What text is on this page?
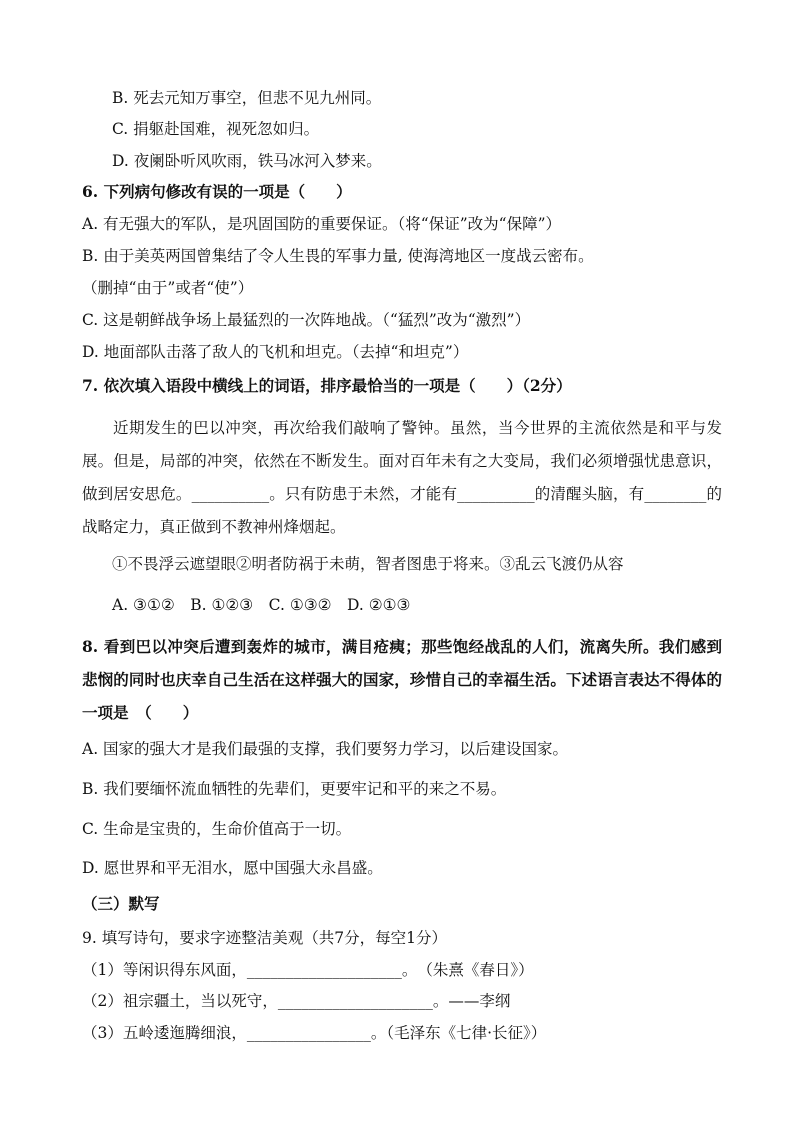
B. 死去元知万事空，但悲不见九州同。
C. 捐躯赴国难，视死忽如归。
D. 夜阑卧听风吹雨，铁马冰河入梦来。
6. 下列病句修改有误的一项是（　　）
A. 有无强大的军队，是巩固国防的重要保证。（将“保证”改为“保障”）
B. 由于美英两国曾集结了令人生畏的军事力量, 使海湾地区一度战云密布。
（删掉“由于”或者“使”）
C. 这是朝鲜战争场上最猛烈的一次阵地战。（“猛烈”改为“激烈”）
D. 地面部队击落了敌人的飞机和坦克。（去掉“和坦克”）
7. 依次填入语段中横线上的词语，排序最恰当的一项是（　　）（2分）
近期发生的巴以冲突，再次给我们敲响了警钟。虽然，当今世界的主流依然是和平与发展。但是，局部的冲突，依然在不断发生。面对百年未有之大变局，我们必须增强忧患意识，做到居安思危。__________。只有防患于未然，才能有__________的清醒头脑，有________的战略定力，真正做到不教神州烽烟起。
①不畏浮云遮望眼②明者防祸于未萌，智者图患于将来。③乱云飞渡仍从容
A. ③①②　B. ①②③　C. ①③②　D. ②①③
8. 看到巴以冲突后遭到轰炸的城市，满目疮痍；那些饱经战乱的人们，流离失所。我们感到悲悯的同时也庆幸自己生活在这样强大的国家，珍惜自己的幸福生活。下述语言表达不得体的一项是　（　　）
A. 国家的强大才是我们最强的支撑，我们要努力学习，以后建设国家。
B. 我们要缅怀流血牺牲的先辈们，更要牢记和平的来之不易。
C. 生命是宝贵的，生命价值高于一切。
D. 愿世界和平无泪水，愿中国强大永昌盛。
（三）默写
9. 填写诗句，要求字迹整洁美观（共7分，每空1分）
（1）等闲识得东风面，____________________。　（朱熹《春日》）
（2）祖宗疆土，当以死守，____________________。——李纲
（3）五岭逶迤腾细浪，________________。（毛泽东《七律·长征》）
